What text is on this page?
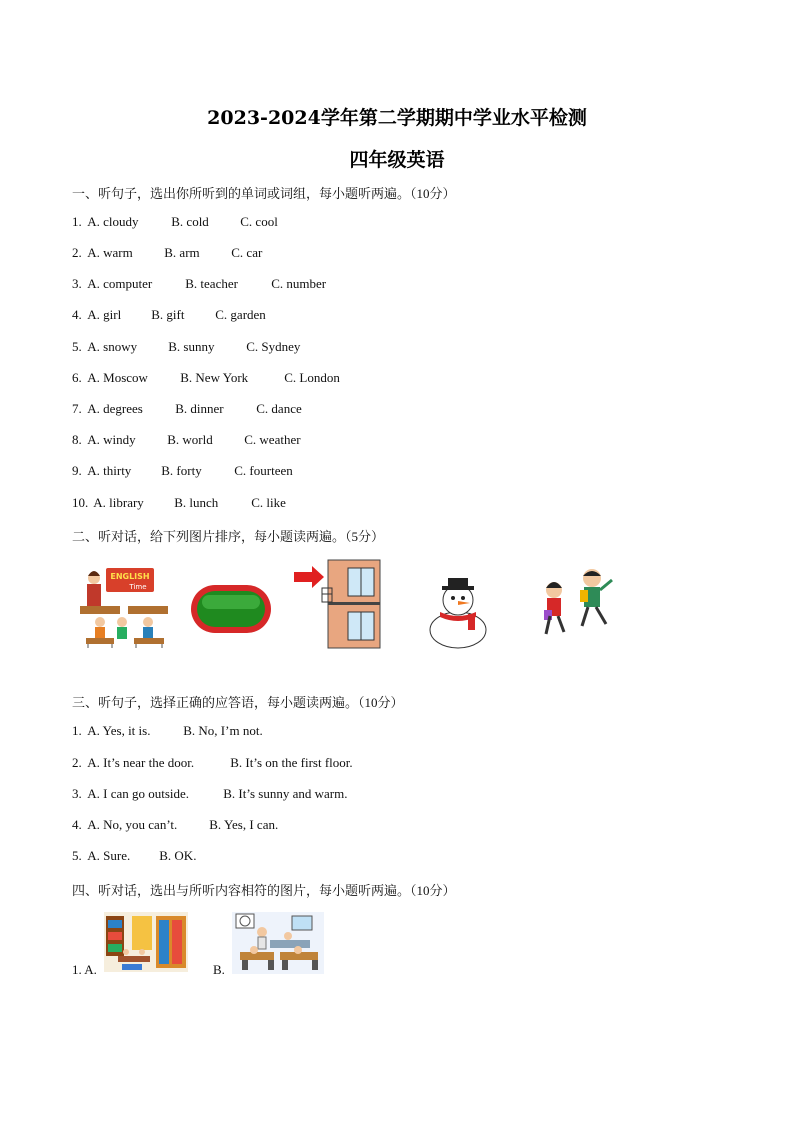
2023-2024学年第二学期期中学业水平检测
四年级英语
一、听句子，选出你所听到的单词或词组，每小题听两遍。（10分）
1. A. cloudy	B. cold C. cool
2. A. warm B. arm C. car
3. A. computer	B. teacher	C. number
4. A. girl B. gift C. garden
5. A. snowy B. sunny C. Sydney
6. A. Moscow B. New York	C. London
7. A. degrees B. dinner	C. dance
8. A. windy B. world C. weather
9. A. thirty B. forty	C. fourteen
10. A. library B. lunch	C. like
二、听对话，给下列图片排序，每小题读两遍。（5分）
ENGLISH
Time
三、听句子，选择正确的应答语，每小题读两遍。（10分）
1. A. Yes, it is.	B. No, I’m not.
2. A. It’s near the door.	B. It’s on the first floor.
3. A. I can go outside.	B. It’s sunny and warm.
4. A. No, you can’t. B. Yes, I can.
5. A. Sure. B. OK.
四、听对话，选出与所听内容相符的图片，每小题听两遍。（10分）
1. A.	B.
